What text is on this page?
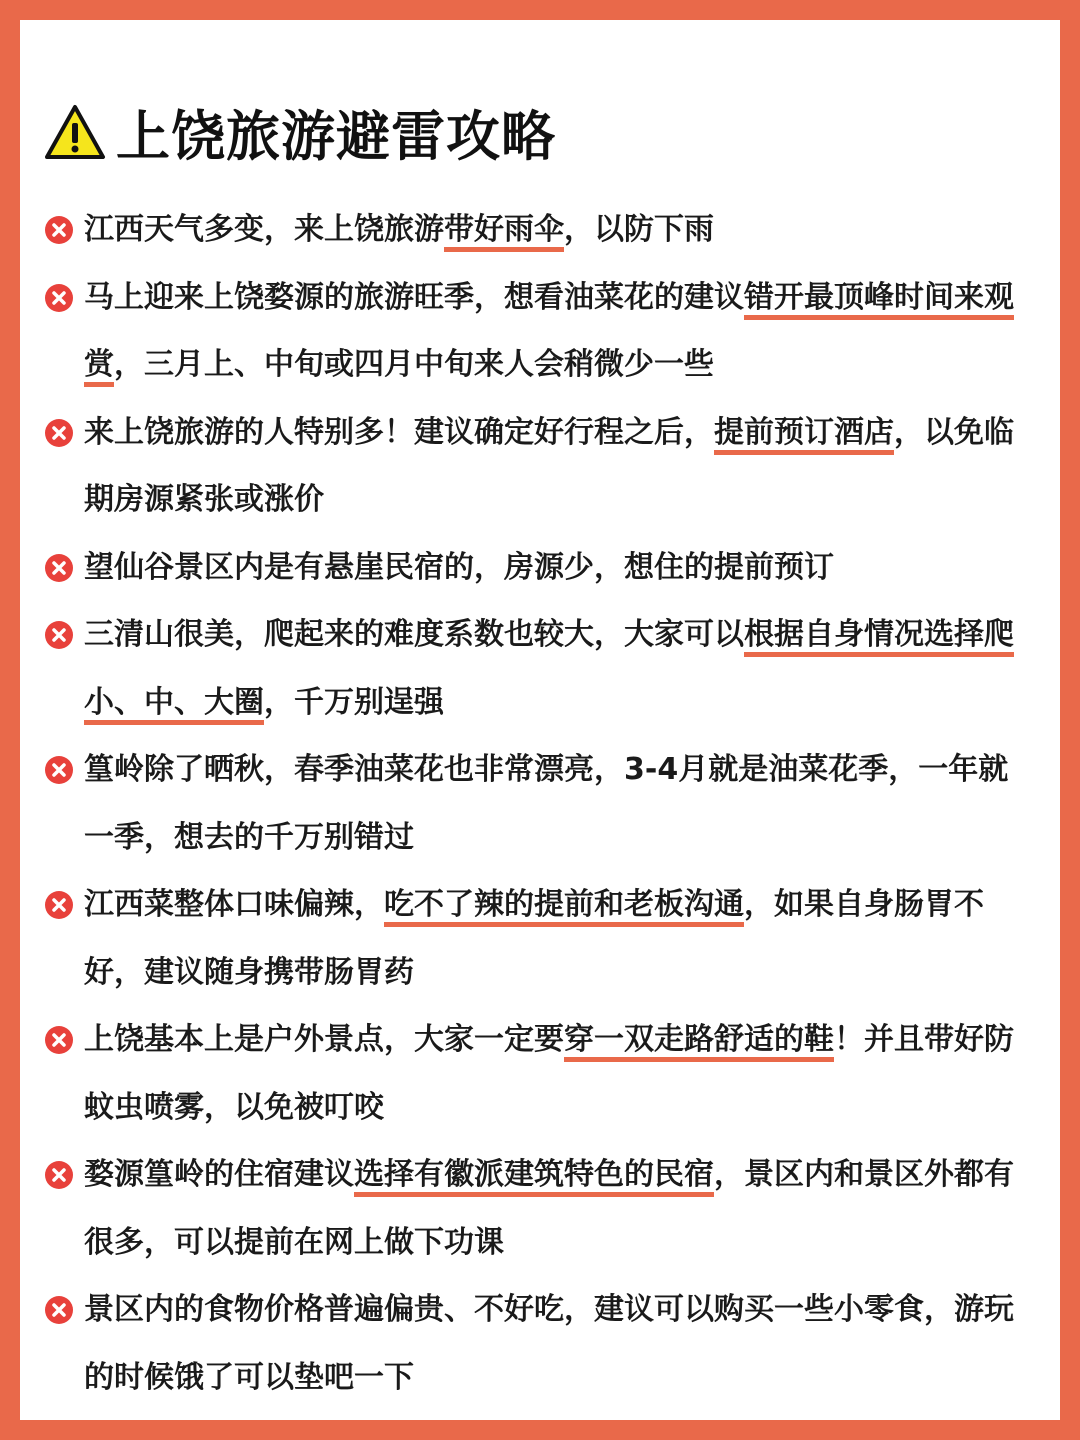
上饶旅游避雷攻略

江西天气多变，来上饶旅游带好雨伞，以防下雨

马上迎来上饶婺源的旅游旺季，想看油菜花的建议错开最顶峰时间来观赏，三月上、中旬或四月中旬来人会稍微少一些

来上饶旅游的人特别多！建议确定好行程之后，提前预订酒店，以免临期房源紧张或涨价

望仙谷景区内是有悬崖民宿的，房源少，想住的提前预订

三清山很美，爬起来的难度系数也较大，大家可以根据自身情况选择爬小、中、大圈，千万别逞强

篁岭除了晒秋，春季油菜花也非常漂亮，3-4月就是油菜花季，一年就一季，想去的千万别错过

江西菜整体口味偏辣，吃不了辣的提前和老板沟通，如果自身肠胃不好，建议随身携带肠胃药

上饶基本上是户外景点，大家一定要穿一双走路舒适的鞋！并且带好防蚊虫喷雾，以免被叮咬

婺源篁岭的住宿建议选择有徽派建筑特色的民宿，景区内和景区外都有很多，可以提前在网上做下功课

景区内的食物价格普遍偏贵、不好吃，建议可以购买一些小零食，游玩的时候饿了可以垫吧一下
